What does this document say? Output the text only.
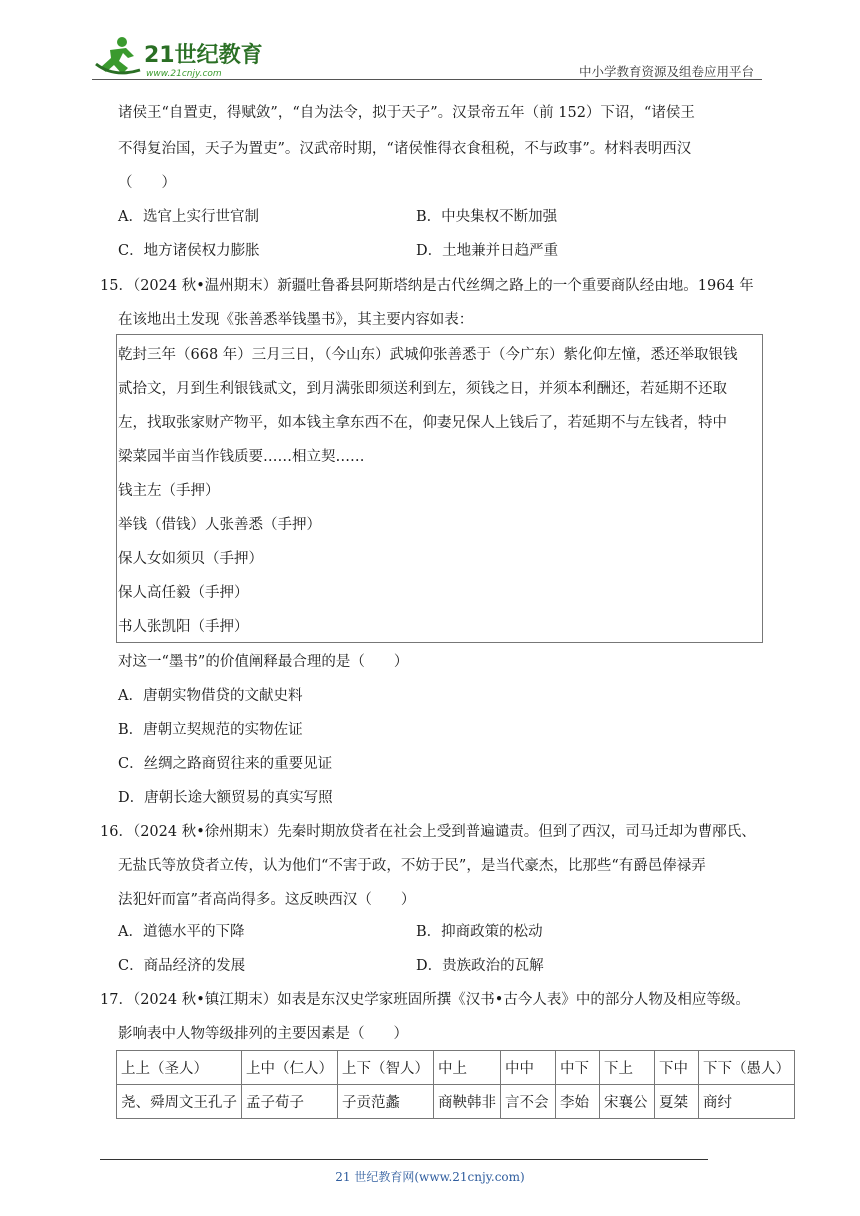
21世纪教育
www.21cnjy.com	中小学教育资源及组卷应用平台
诸侯王“自置吏，得赋敛”，“自为法令，拟于天子”。汉景帝五年（前 152）下诏，“诸侯王
不得复治国，天子为置吏”。汉武帝时期，“诸侯惟得衣食租税，不与政事”。材料表明西汉
（　　）
A．选官上实行世官制	B．中央集权不断加强
C．地方诸侯权力膨胀	D．土地兼并日趋严重
15．（2024 秋•温州期末）新疆吐鲁番县阿斯塔纳是古代丝绸之路上的一个重要商队经由地。1964 年
在该地出土发现《张善悉举钱墨书》，其主要内容如表：
乾封三年（668 年）三月三日，（今山东）武城仰张善悉于（今广东）紫化仰左憧，悉还举取银钱
贰拾文，月到生利银钱贰文，到月满张即须送利到左，须钱之日，并须本利酬还，若延期不还取
左，找取张家财产物平，如本钱主拿东西不在，仰妻兄保人上钱后了，若延期不与左钱者，特中
梁菜园半亩当作钱质要……相立契……
钱主左（手押）
举钱（借钱）人张善悉（手押）
保人女如须贝（手押）
保人高任毅（手押）
书人张凯阳（手押）
对这一“墨书”的价值阐释最合理的是（　　）
A．唐朝实物借贷的文献史料
B．唐朝立契规范的实物佐证
C．丝绸之路商贸往来的重要见证
D．唐朝长途大额贸易的真实写照
16．（2024 秋•徐州期末）先秦时期放贷者在社会上受到普遍谴责。但到了西汉，司马迁却为曹邴氏、
无盐氏等放贷者立传，认为他们“不害于政，不妨于民”，是当代豪杰，比那些“有爵邑俸禄弄
法犯奸而富”者高尚得多。这反映西汉（　　）
A．道德水平的下降	B．抑商政策的松动
C．商品经济的发展	D．贵族政治的瓦解
17．（2024 秋•镇江期末）如表是东汉史学家班固所撰《汉书•古今人表》中的部分人物及相应等级。
影响表中人物等级排列的主要因素是（　　）
上上（圣人）	上中（仁人）	上下（智人）	中上	中中	中下	下上	下中	下下（愚人）
尧、舜周文王孔子	孟子荀子	子贡范蠡	商鞅韩非	言不会	李始	宋襄公	夏桀	商纣
21 世纪教育网(www.21cnjy.com)
